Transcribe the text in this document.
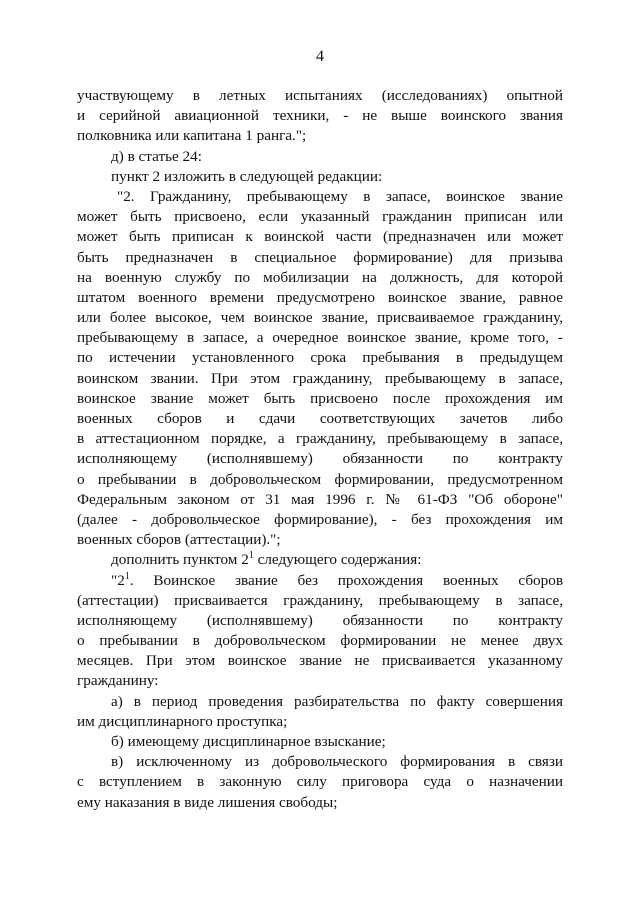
4
участвующему в летных испытаниях (исследованиях) опытной
и серийной авиационной техники, - не выше воинского звания
полковника или капитана 1 ранга.";
д) в статье 24:
пункт 2 изложить в следующей редакции:
"2. Гражданину, пребывающему в запасе, воинское звание
может быть присвоено, если указанный гражданин приписан или
может быть приписан к воинской части (предназначен или может
быть предназначен в специальное формирование) для призыва
на военную службу по мобилизации на должность, для которой
штатом военного времени предусмотрено воинское звание, равное
или более высокое, чем воинское звание, присваиваемое гражданину,
пребывающему в запасе, а очередное воинское звание, кроме того, -
по истечении установленного срока пребывания в предыдущем
воинском звании. При этом гражданину, пребывающему в запасе,
воинское звание может быть присвоено после прохождения им
военных сборов и сдачи соответствующих зачетов либо
в аттестационном порядке, а гражданину, пребывающему в запасе,
исполняющему (исполнявшему) обязанности по контракту
о пребывании в добровольческом формировании, предусмотренном
Федеральным законом от 31 мая 1996 г. № 61-ФЗ "Об обороне"
(далее - добровольческое формирование), - без прохождения им
военных сборов (аттестации).";
дополнить пунктом $2^1$ следующего содержания:
"$2^1$. Воинское звание без прохождения военных сборов
(аттестации) присваивается гражданину, пребывающему в запасе,
исполняющему (исполнявшему) обязанности по контракту
о пребывании в добровольческом формировании не менее двух
месяцев. При этом воинское звание не присваивается указанному
гражданину:
а) в период проведения разбирательства по факту совершения
им дисциплинарного проступка;
б) имеющему дисциплинарное взыскание;
в) исключенному из добровольческого формирования в связи
с вступлением в законную силу приговора суда о назначении
ему наказания в виде лишения свободы;
